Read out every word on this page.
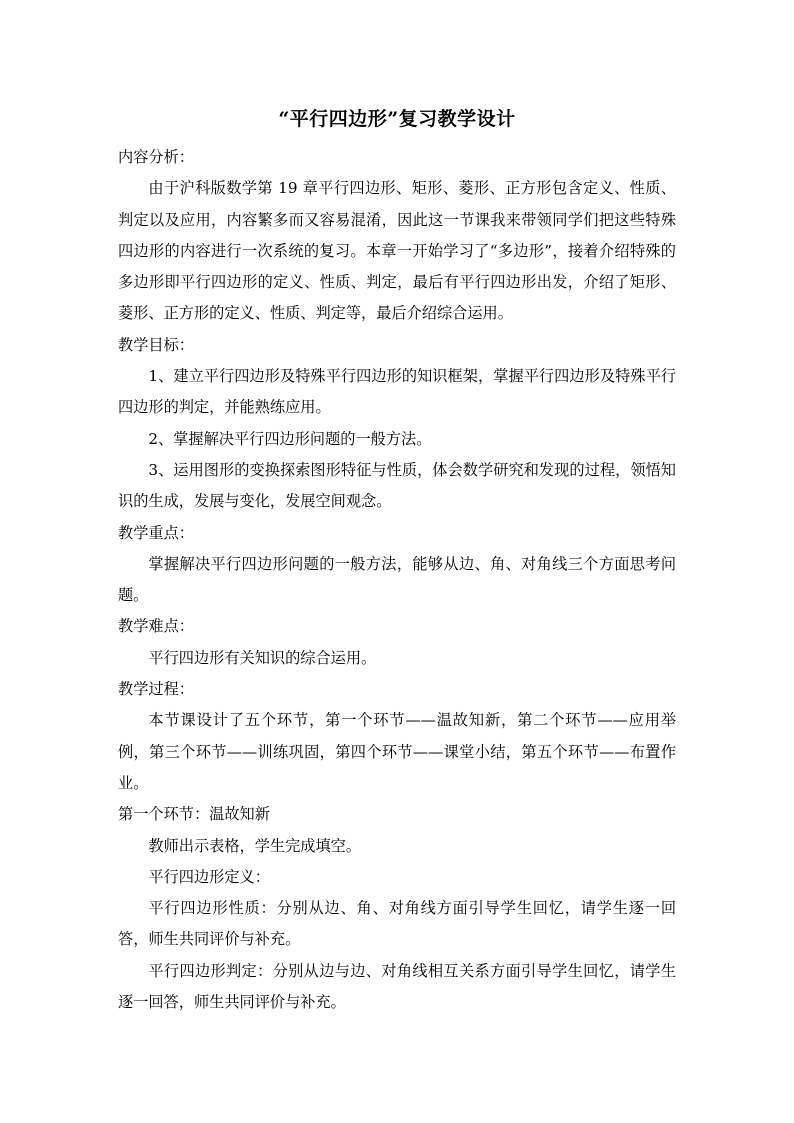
“平行四边形”复习教学设计

内容分析：

由于沪科版数学第 19 章平行四边形、矩形、菱形、正方形包含定义、性质、判定以及应用，内容繁多而又容易混淆，因此这一节课我来带领同学们把这些特殊四边形的内容进行一次系统的复习。本章一开始学习了“多边形”，接着介绍特殊的多边形即平行四边形的定义、性质、判定，最后有平行四边形出发，介绍了矩形、菱形、正方形的定义、性质、判定等，最后介绍综合运用。

教学目标：

1、建立平行四边形及特殊平行四边形的知识框架，掌握平行四边形及特殊平行四边形的判定，并能熟练应用。

2、掌握解决平行四边形问题的一般方法。

3、运用图形的变换探索图形特征与性质，体会数学研究和发现的过程，领悟知识的生成，发展与变化，发展空间观念。

教学重点：

掌握解决平行四边形问题的一般方法，能够从边、角、对角线三个方面思考问题。

教学难点：

平行四边形有关知识的综合运用。

教学过程：

本节课设计了五个环节，第一个环节——温故知新，第二个环节——应用举例，第三个环节——训练巩固，第四个环节——课堂小结，第五个环节——布置作业。

第一个环节：温故知新

教师出示表格，学生完成填空。

平行四边形定义：

平行四边形性质：分别从边、角、对角线方面引导学生回忆，请学生逐一回答，师生共同评价与补充。

平行四边形判定：分别从边与边、对角线相互关系方面引导学生回忆，请学生逐一回答，师生共同评价与补充。
